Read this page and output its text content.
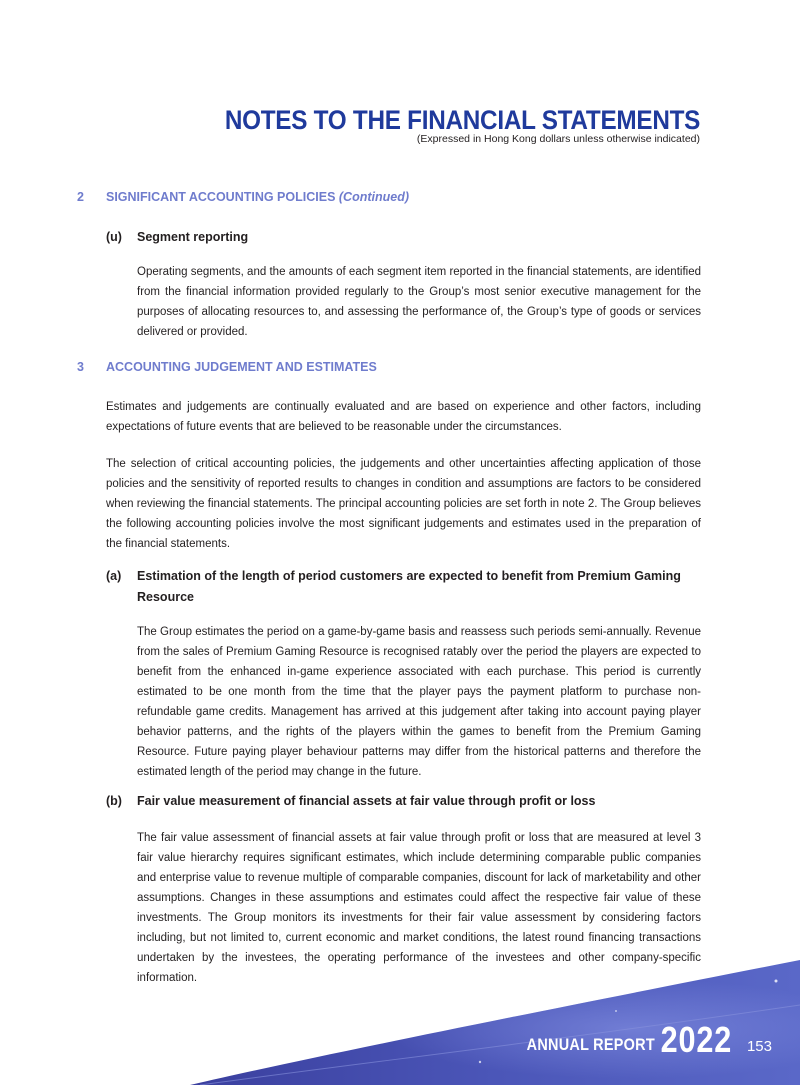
NOTES TO THE FINANCIAL STATEMENTS
(Expressed in Hong Kong dollars unless otherwise indicated)
2 SIGNIFICANT ACCOUNTING POLICIES (Continued)
(u) Segment reporting

Operating segments, and the amounts of each segment item reported in the financial statements, are identified from the financial information provided regularly to the Group’s most senior executive management for the purposes of allocating resources to, and assessing the performance of, the Group’s type of goods or services delivered or provided.

3 ACCOUNTING JUDGEMENT AND ESTIMATES

Estimates and judgements are continually evaluated and are based on experience and other factors, including expectations of future events that are believed to be reasonable under the circumstances.

The selection of critical accounting policies, the judgements and other uncertainties affecting application of those policies and the sensitivity of reported results to changes in condition and assumptions are factors to be considered when reviewing the financial statements. The principal accounting policies are set forth in note 2. The Group believes the following accounting policies involve the most significant judgements and estimates used in the preparation of the financial statements.

(a) Estimation of the length of period customers are expected to benefit from Premium Gaming Resource

The Group estimates the period on a game-by-game basis and reassess such periods semi-annually. Revenue from the sales of Premium Gaming Resource is recognised ratably over the period the players are expected to benefit from the enhanced in-game experience associated with each purchase. This period is currently estimated to be one month from the time that the player pays the payment platform to purchase non-refundable game credits. Management has arrived at this judgement after taking into account paying player behavior patterns, and the rights of the players within the games to benefit from the Premium Gaming Resource. Future paying player behaviour patterns may differ from the historical patterns and therefore the estimated length of the period may change in the future.

(b) Fair value measurement of financial assets at fair value through profit or loss

The fair value assessment of financial assets at fair value through profit or loss that are measured at level 3 fair value hierarchy requires significant estimates, which include determining comparable public companies and enterprise value to revenue multiple of comparable companies, discount for lack of marketability and other assumptions. Changes in these assumptions and estimates could affect the respective fair value of these investments. The Group monitors its investments for their fair value assessment by considering factors including, but not limited to, current economic and market conditions, the latest round financing transactions undertaken by the investees, the operating performance of the investees and other company-specific information.

ANNUAL REPORT 2022 153
